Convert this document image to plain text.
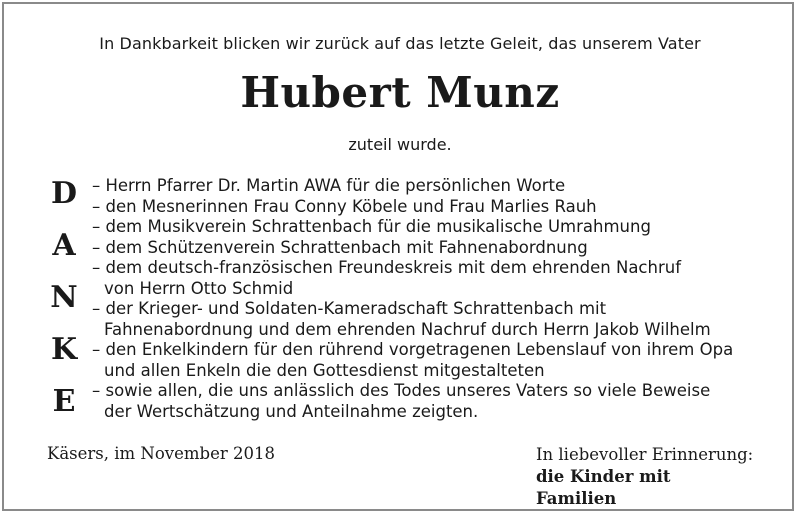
In Dankbarkeit blicken wir zurück auf das letzte Geleit, das unserem Vater
Hubert Munz
zuteil wurde.
D
A
N
K
E
– Herrn Pfarrer Dr. Martin AWA für die persönlichen Worte
– den Mesnerinnen Frau Conny Köbele und Frau Marlies Rauh
– dem Musikverein Schrattenbach für die musikalische Umrahmung
– dem Schützenverein Schrattenbach mit Fahnenabordnung
– dem deutsch-französischen Freundeskreis mit dem ehrenden Nachruf
von Herrn Otto Schmid
– der Krieger- und Soldaten-Kameradschaft Schrattenbach mit
Fahnenabordnung und dem ehrenden Nachruf durch Herrn Jakob Wilhelm
– den Enkelkindern für den rührend vorgetragenen Lebenslauf von ihrem Opa
und allen Enkeln die den Gottesdienst mitgestalteten
– sowie allen, die uns anlässlich des Todes unseres Vaters so viele Beweise
der Wertschätzung und Anteilnahme zeigten.
Käsers, im November 2018	In liebevoller Erinnerung:
die Kinder mit Familien
